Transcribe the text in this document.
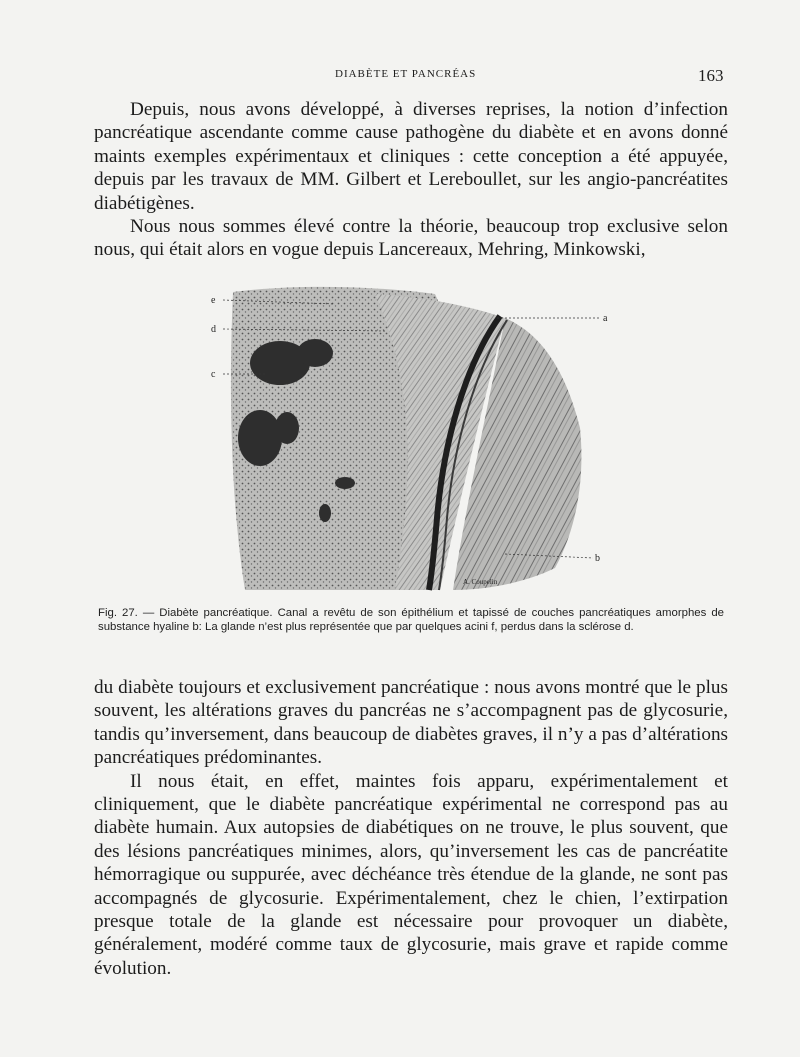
DIABÈTE ET PANCRÉAS	163

Depuis, nous avons développé, à diverses reprises, la notion d’infection pancréatique ascendante comme cause pathogène du diabète et en avons donné maints exemples expérimentaux et cliniques : cette conception a été appuyée, depuis par les travaux de MM. Gilbert et Lereboullet, sur les angio-pancréatites diabétigènes.

Nous nous sommes élevé contre la théorie, beaucoup trop exclusive selon nous, qui était alors en vogue depuis Lancereaux, Mehring, Minkowski,

e
d
c
a
b
A. Coupelin

Fig. 27. — Diabète pancréatique. Canal a revêtu de son épithélium et tapissé de couches pancréatiques amorphes de substance hyaline b: La glande n’est plus représentée que par quelques acini f, perdus dans la sclérose d.

du diabète toujours et exclusivement pancréatique : nous avons montré que le plus souvent, les altérations graves du pancréas ne s’accompagnent pas de glycosurie, tandis qu’inversement, dans beaucoup de diabètes graves, il n’y a pas d’altérations pancréatiques prédominantes.

Il nous était, en effet, maintes fois apparu, expérimentalement et cliniquement, que le diabète pancréatique expérimental ne correspond pas au diabète humain. Aux autopsies de diabétiques on ne trouve, le plus souvent, que des lésions pancréatiques minimes, alors, qu’inversement les cas de pancréatite hémorragique ou suppurée, avec déchéance très étendue de la glande, ne sont pas accompagnés de glycosurie. Expérimentalement, chez le chien, l’extirpation presque totale de la glande est nécessaire pour provoquer un diabète, généralement, modéré comme taux de glycosurie, mais grave et rapide comme évolution.
